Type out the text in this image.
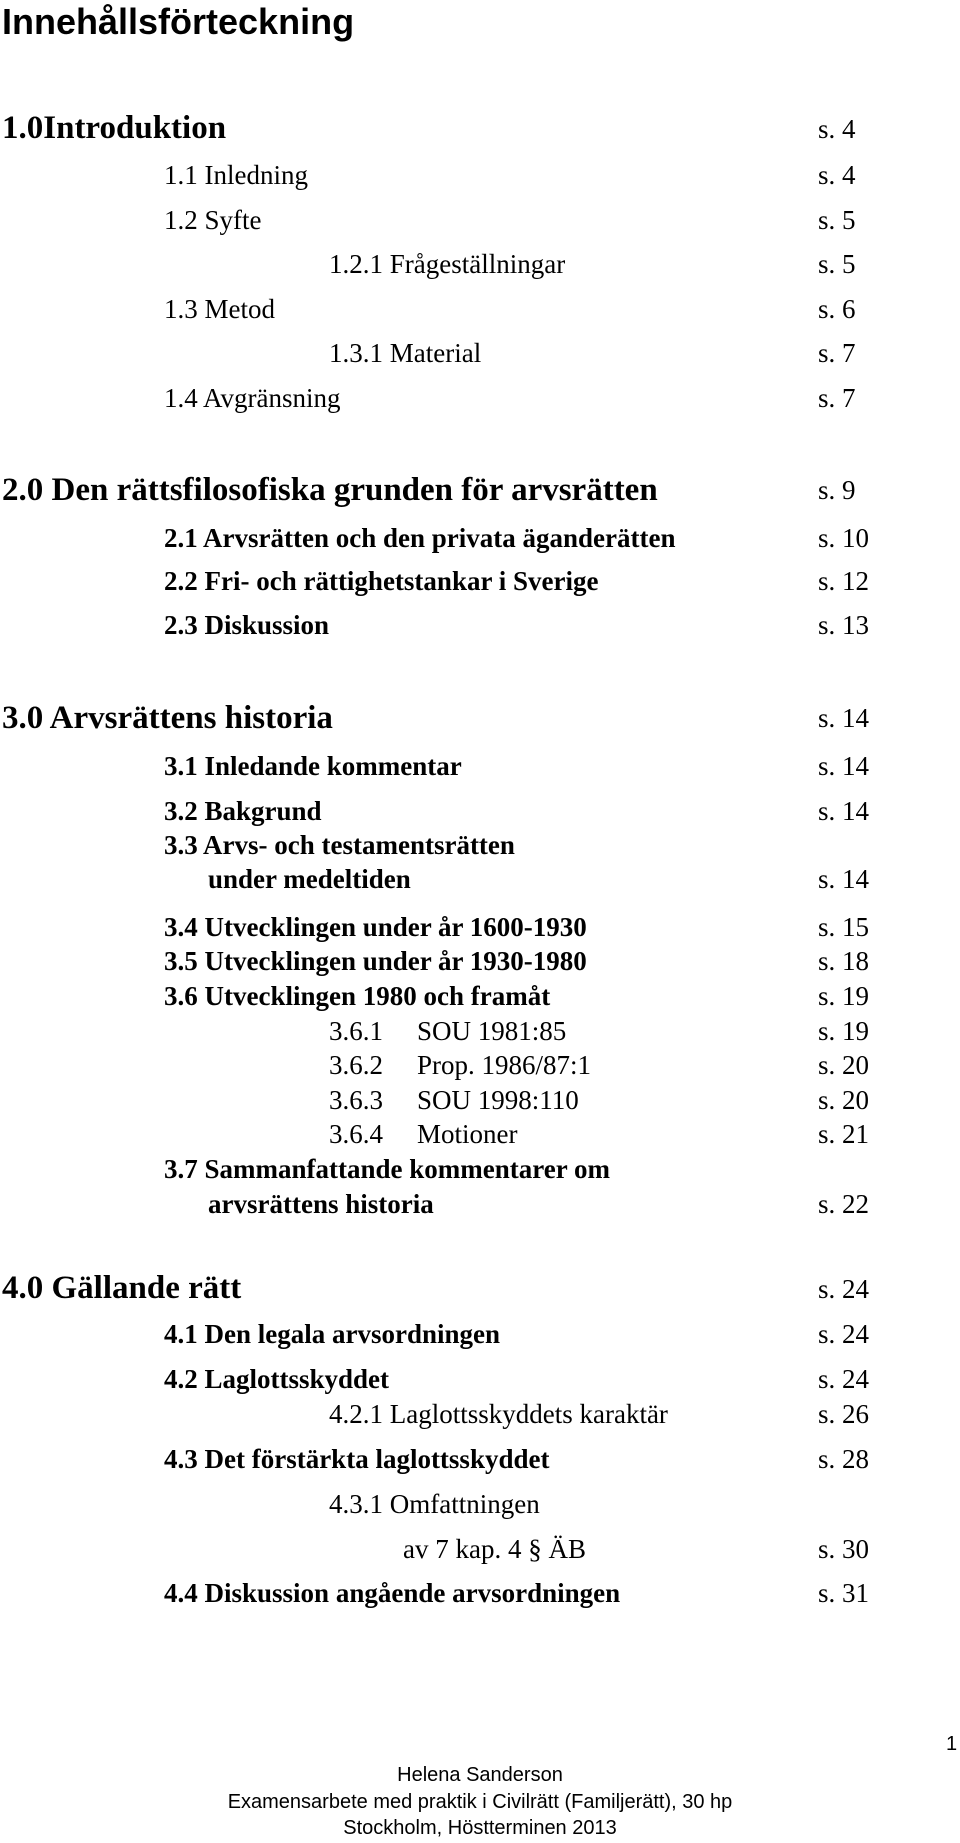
Innehållsförteckning
1.0Introduktion	s. 4
1.1 Inledning	s. 4
1.2 Syfte	s. 5
1.2.1 Frågeställningar	s. 5
1.3 Metod	s. 6
1.3.1 Material	s. 7
1.4 Avgränsning	s. 7
2.0 Den rättsfilosofiska grunden för arvsrätten	s. 9
2.1 Arvsrätten och den privata äganderätten	s. 10
2.2 Fri- och rättighetstankar i Sverige	s. 12
2.3 Diskussion	s. 13
3.0 Arvsrättens historia	s. 14
3.1 Inledande kommentar	s. 14
3.2 Bakgrund	s. 14
3.3 Arvs- och testamentsrätten
under medeltiden	s. 14
3.4 Utvecklingen under år 1600-1930	s. 15
3.5 Utvecklingen under år 1930-1980	s. 18
3.6 Utvecklingen 1980 och framåt	s. 19
3.6.1 SOU 1981:85	s. 19
3.6.2 Prop. 1986/87:1	s. 20
3.6.3 SOU 1998:110	s. 20
3.6.4 Motioner	s. 21
3.7 Sammanfattande kommentarer om
arvsrättens historia	s. 22
4.0 Gällande rätt	s. 24
4.1 Den legala arvsordningen	s. 24
4.2 Laglottsskyddet	s. 24
4.2.1 Laglottsskyddets karaktär	s. 26
4.3 Det förstärkta laglottsskyddet	s. 28
4.3.1 Omfattningen
av 7 kap. 4 § ÄB	s. 30
4.4 Diskussion angående arvsordningen	s. 31
1
Helena Sanderson
Examensarbete med praktik i Civilrätt (Familjerätt), 30 hp
Stockholm, Höstterminen 2013
